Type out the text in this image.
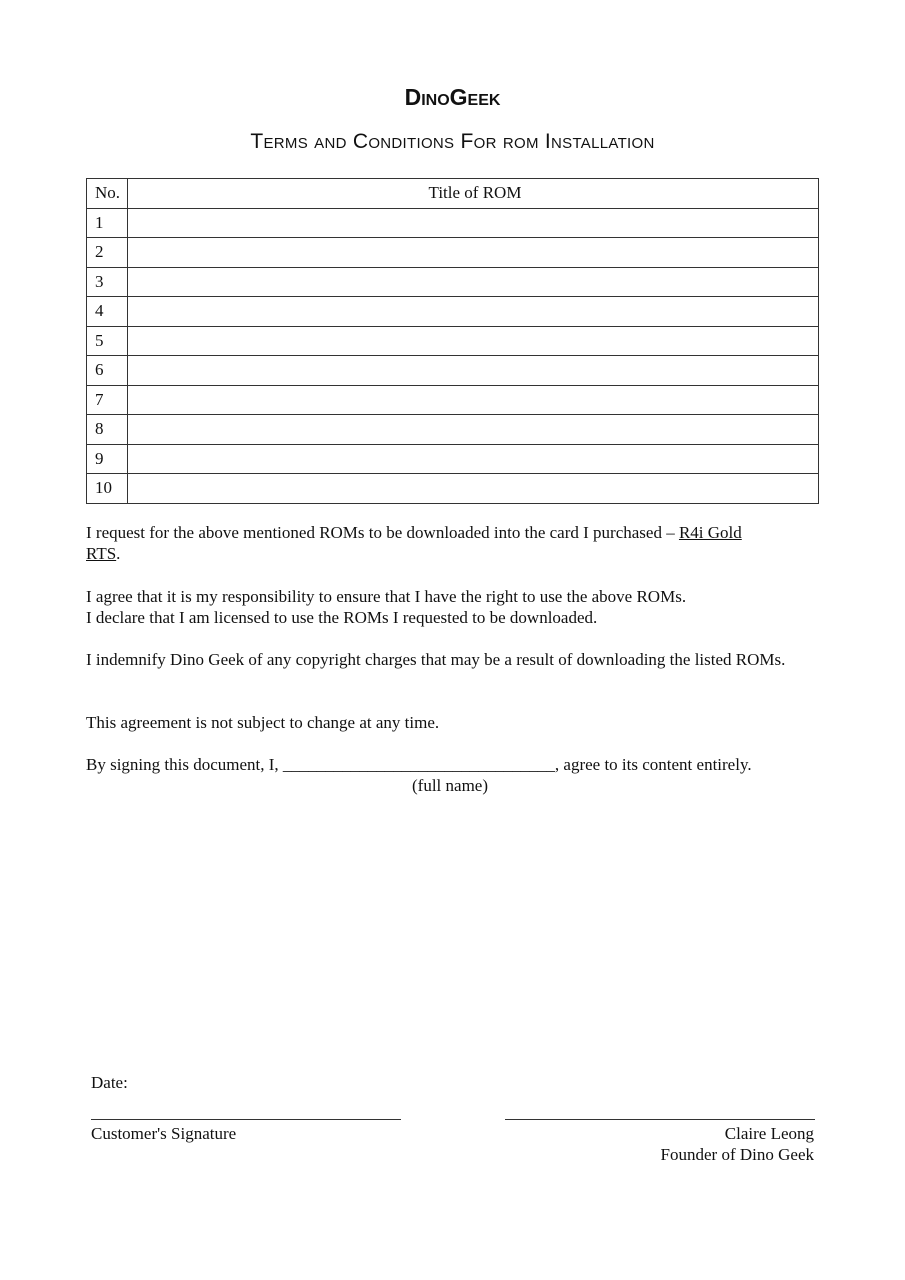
DinoGeek
Terms and Conditions For rom Installation
No.	Title of ROM
1	
2	
3	
4	
5	
6	
7	
8	
9	
10	
I request for the above mentioned ROMs to be downloaded into the card I purchased – R4i Gold
RTS.
I agree that it is my responsibility to ensure that I have the right to use the above ROMs.
I declare that I am licensed to use the ROMs I requested to be downloaded.
I indemnify Dino Geek of any copyright charges that may be a result of downloading the listed ROMs.
This agreement is not subject to change at any time.
By signing this document, I, ________________________________, agree to its content entirely.
(full name)
Date:
Customer's Signature	Claire Leong
Founder of Dino Geek
